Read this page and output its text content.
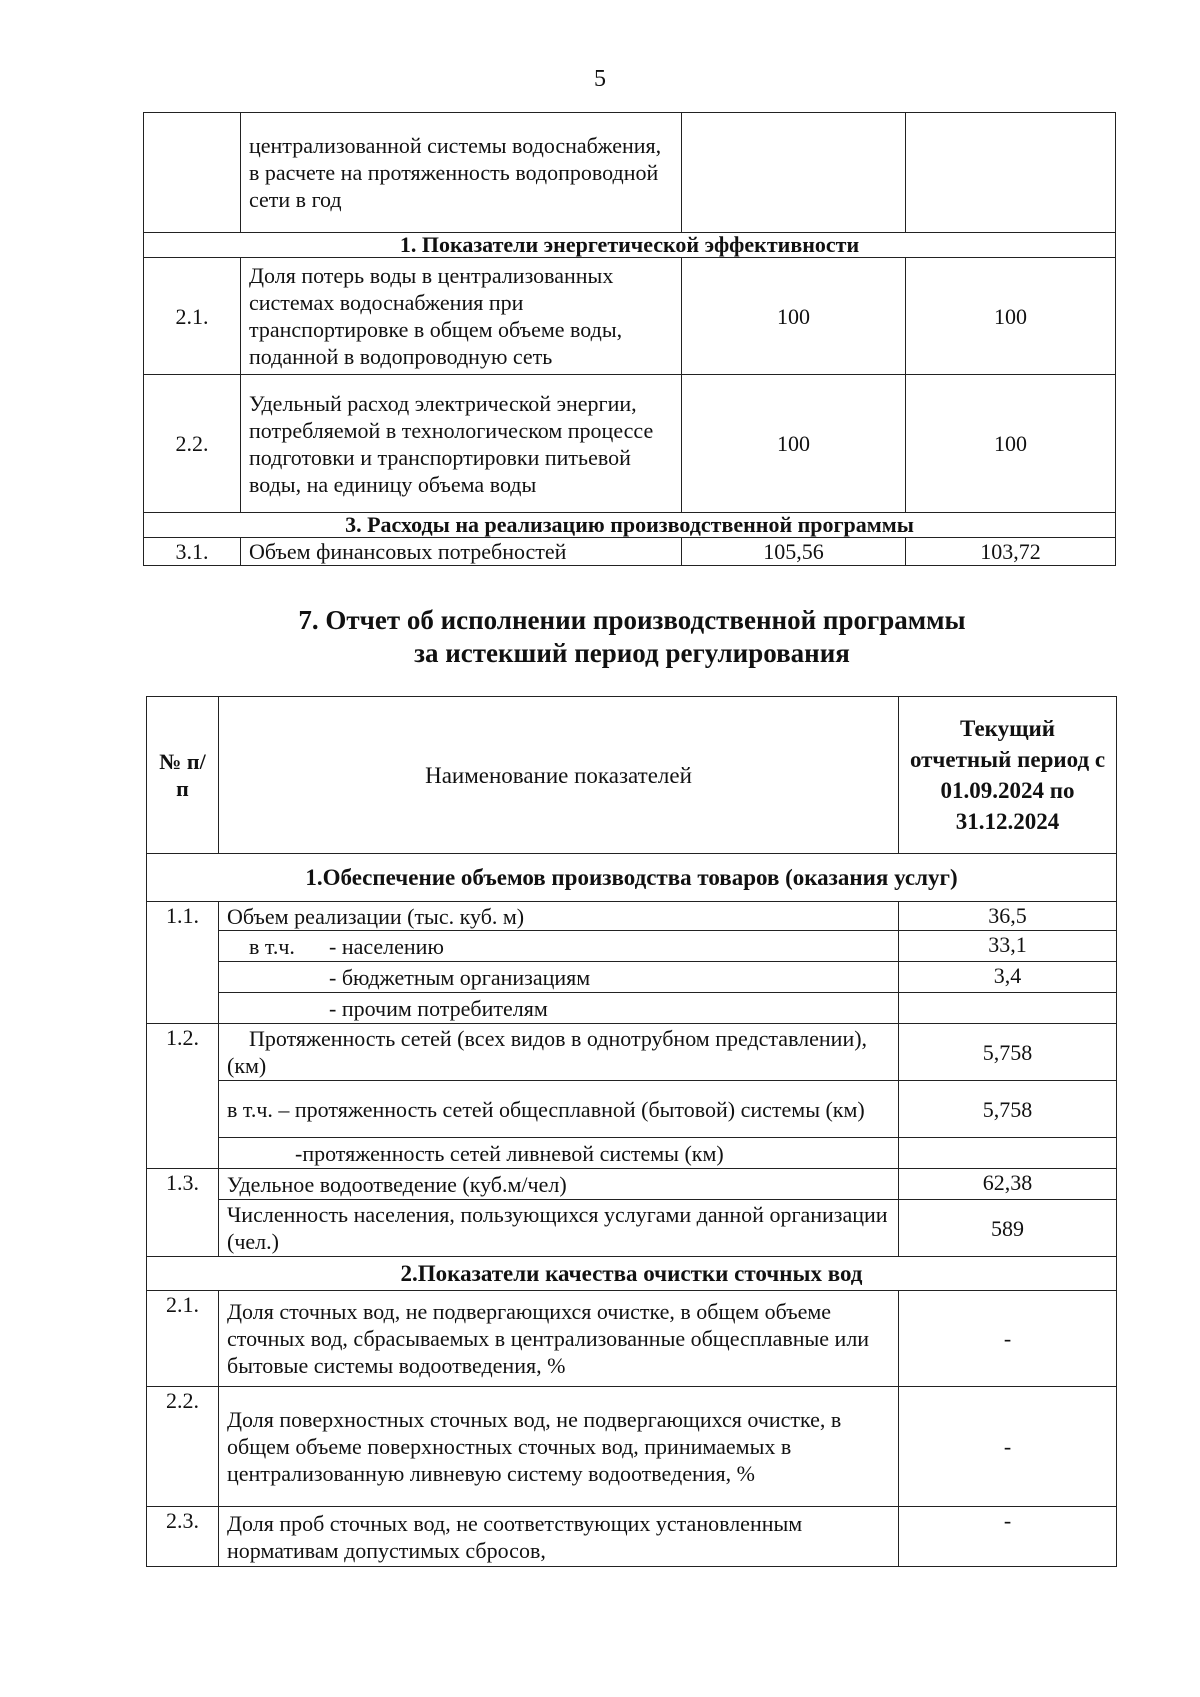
5
	централизованной системы водоснабжения, в расчете на протяженность водопроводной сети в год		
1. Показатели энергетической эффективности			
2.1.	Доля потерь воды в централизованных системах водоснабжения при транспортировке в общем объеме воды, поданной в водопроводную сеть	100	100
2.2.	Удельный расход электрической энергии, потребляемой в технологическом процессе подготовки и транспортировки питьевой воды, на единицу объема воды	100	100
3. Расходы на реализацию производственной программы			
3.1.	Объем финансовых потребностей	105,56	103,72
7. Отчет об исполнении производственной программы
за истекший период регулирования
№ п/п	Наименование показателей	Текущий отчетный период с 01.09.2024 по 31.12.2024
1.Обеспечение объемов производства товаров (оказания услуг)		
1.1.	Объем реализации (тыс. куб. м)	36,5
	в т.ч. - населению	33,1
	- бюджетным организациям	3,4
	- прочим потребителям	
1.2.	Протяженность сетей (всех видов в однотрубном представлении), (км)	5,758
	в т.ч. – протяженность сетей общесплавной (бытовой) системы (км)	5,758
	-протяженность сетей ливневой системы (км)	
1.3.	Удельное водоотведение (куб.м/чел)	62,38
	Численность населения, пользующихся услугами данной организации (чел.)	589
2.Показатели качества очистки сточных вод		
2.1.	Доля сточных вод, не подвергающихся очистке, в общем объеме сточных вод, сбрасываемых в централизованные общесплавные или бытовые системы водоотведения, %	-
2.2.	Доля поверхностных сточных вод, не подвергающихся очистке, в общем объеме поверхностных сточных вод, принимаемых в централизованную ливневую систему водоотведения, %	-
2.3.	Доля проб сточных вод, не соответствующих установленным нормативам допустимых сбросов,	-
